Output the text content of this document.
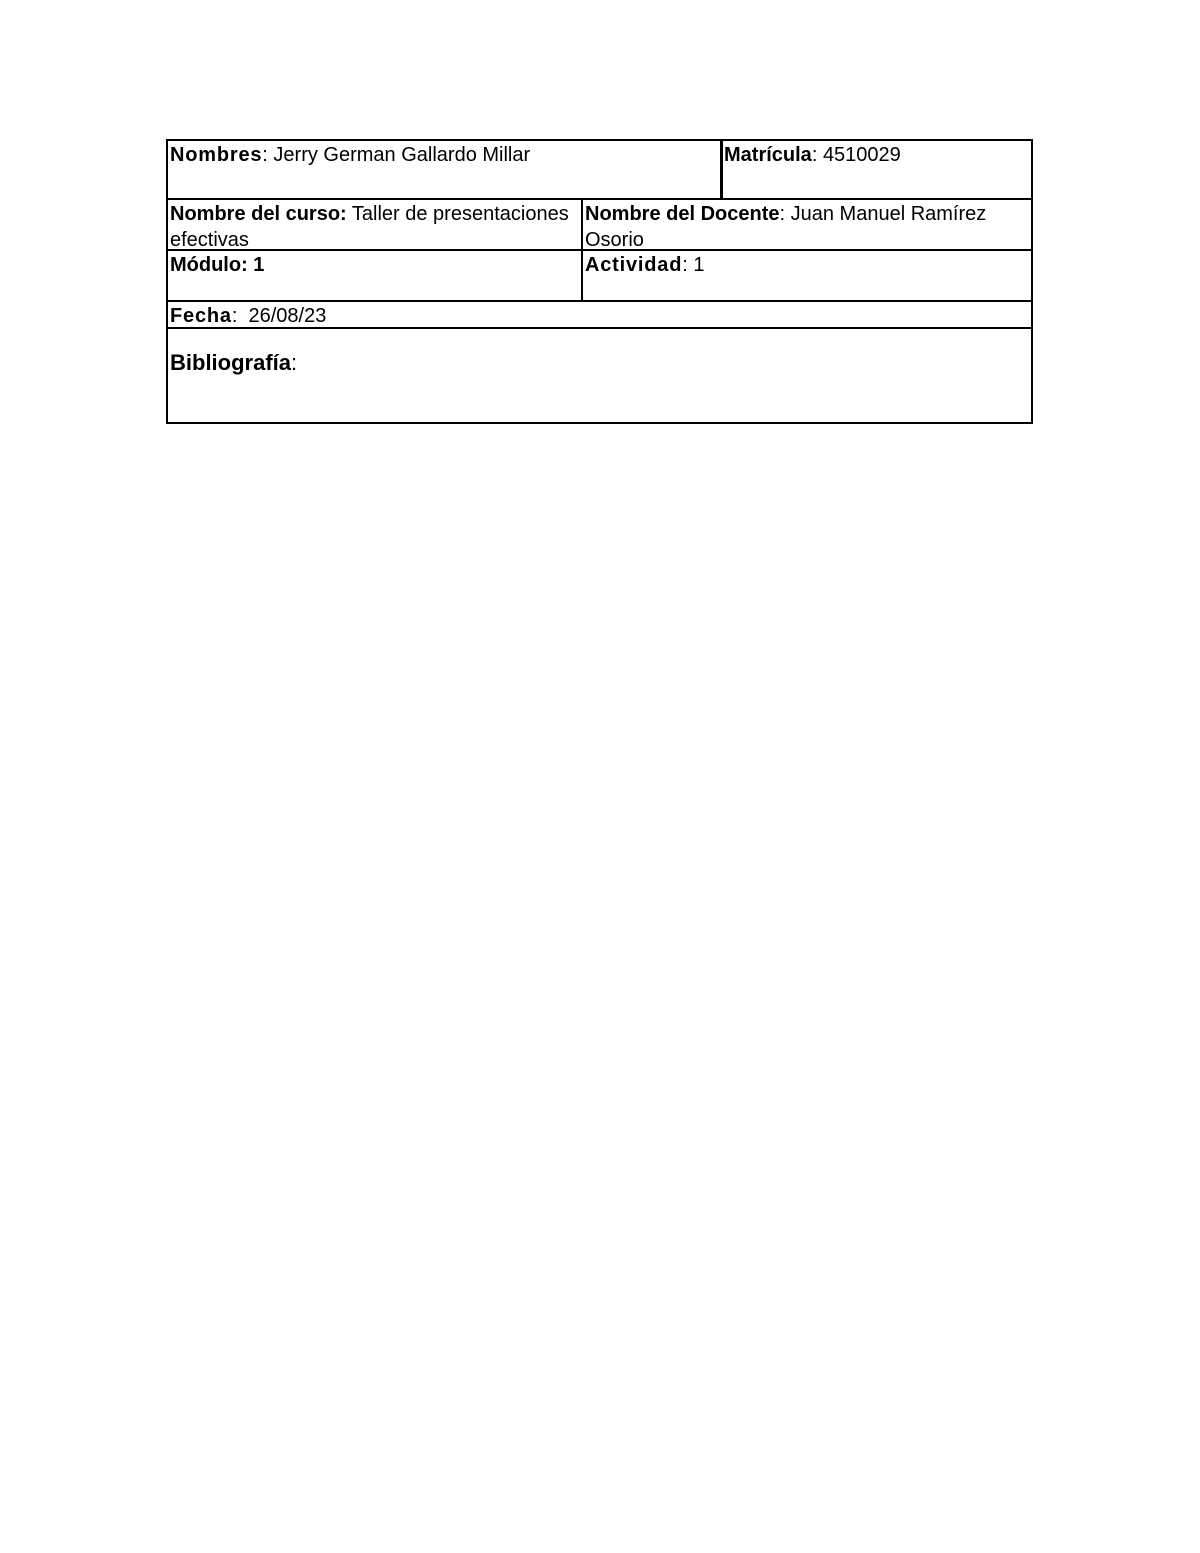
Nombres: Jerry German Gallardo Millar	Matrícula: 4510029
Nombre del curso: Taller de presentaciones efectivas
Nombre del Docente: Juan Manuel Ramírez Osorio
Módulo: 1	Actividad: 1
Fecha:  26/08/23
Bibliografía:
